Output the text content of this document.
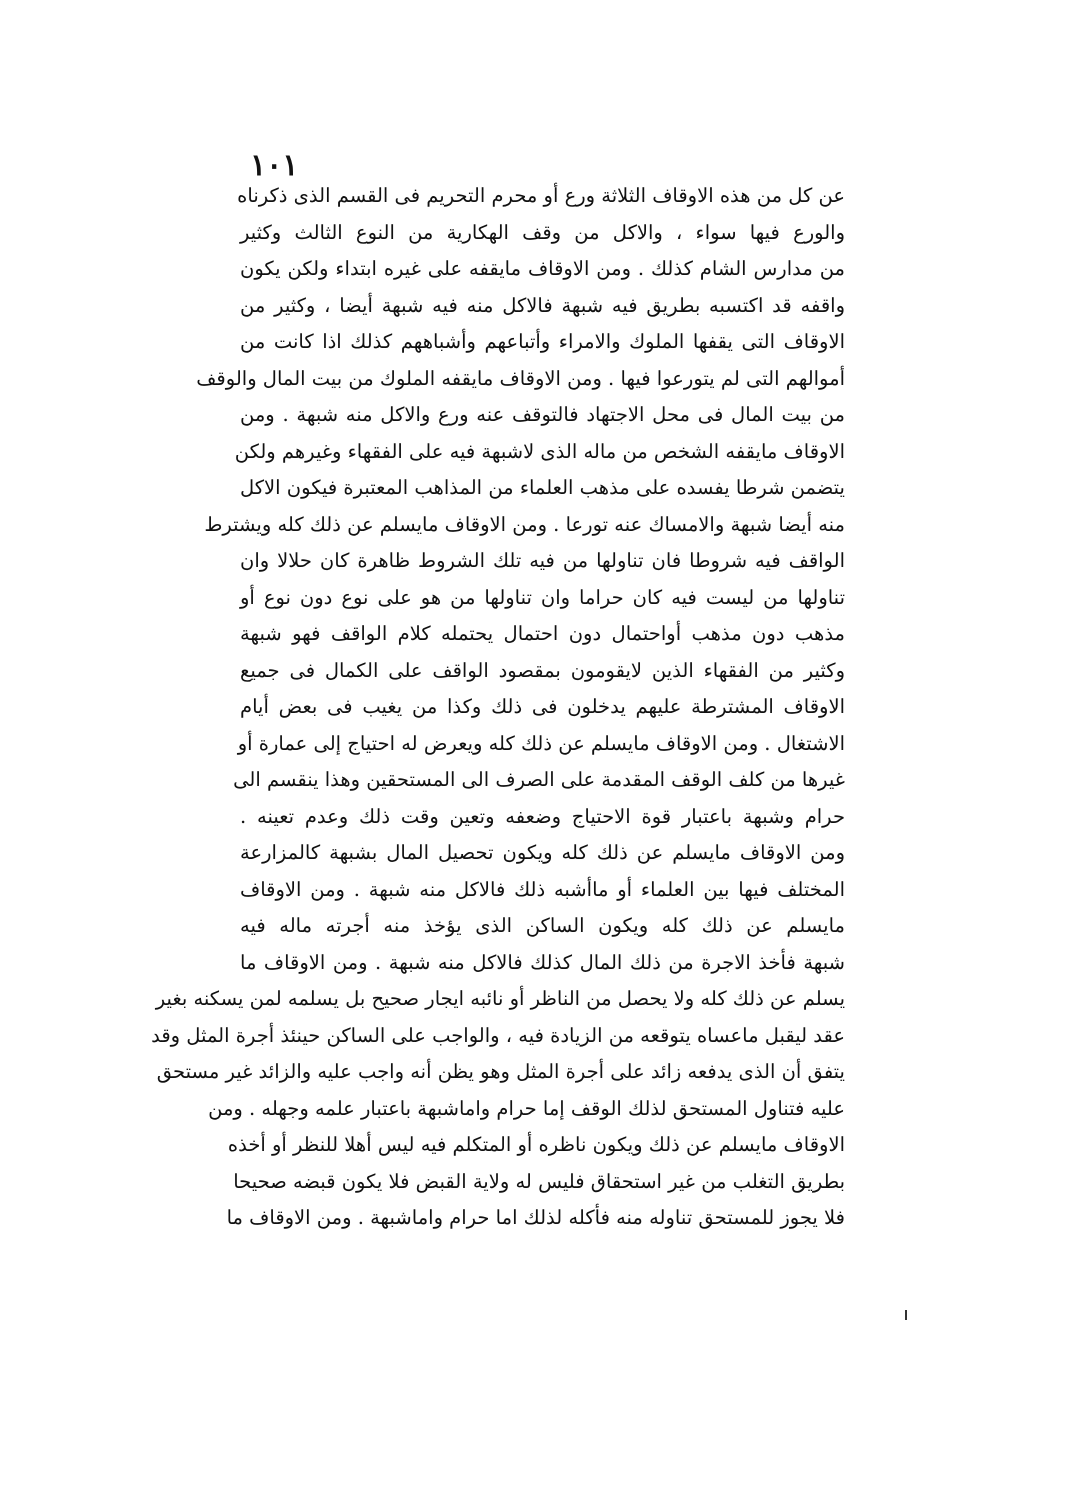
١٠١
عن كل من هذه الاوقاف الثلاثة ورع أو محرم التحريم فى القسم الذى ذكرناه
والورع فيها سواء ، والاكل من وقف الهكارية من النوع الثالث وكثير
من مدارس الشام كذلك . ومن الاوقاف مايقفه على غيره ابتداء ولكن يكون
واقفه قد اكتسبه بطريق فيه شبهة فالاكل منه فيه شبهة أيضا ، وكثير من
الاوقاف التى يقفها الملوك والامراء وأتباعهم وأشباههم كذلك اذا كانت من
أموالهم التى لم يتورعوا فيها . ومن الاوقاف مايقفه الملوك من بيت المال والوقف
من بيت المال فى محل الاجتهاد فالتوقف عنه ورع والاكل منه شبهة . ومن
الاوقاف مايقفه الشخص من ماله الذى لاشبهة فيه على الفقهاء وغيرهم ولكن
يتضمن شرطا يفسده على مذهب العلماء من المذاهب المعتبرة فيكون الاكل
منه أيضا شبهة والامساك عنه تورعا . ومن الاوقاف مايسلم عن ذلك كله ويشترط
الواقف فيه شروطا فان تناولها من فيه تلك الشروط ظاهرة كان حلالا وان
تناولها من ليست فيه كان حراما وان تناولها من هو على نوع دون نوع أو
مذهب دون مذهب أواحتمال دون احتمال يحتمله كلام الواقف فهو شبهة
وكثير من الفقهاء الذين لايقومون بمقصود الواقف على الكمال فى جميع
الاوقاف المشترطة عليهم يدخلون فى ذلك وكذا من يغيب فى بعض أيام
الاشتغال . ومن الاوقاف مايسلم عن ذلك كله ويعرض له احتياج إلى عمارة أو
غيرها من كلف الوقف المقدمة على الصرف الى المستحقين وهذا ينقسم الى
حرام وشبهة باعتبار قوة الاحتياج وضعفه وتعين وقت ذلك وعدم تعينه .
ومن الاوقاف مايسلم عن ذلك كله ويكون تحصيل المال بشبهة كالمزارعة
المختلف فيها بين العلماء أو ماأشبه ذلك فالاكل منه شبهة . ومن الاوقاف
مايسلم عن ذلك كله ويكون الساكن الذى يؤخذ منه أجرته ماله فيه
شبهة فأخذ الاجرة من ذلك المال كذلك فالاكل منه شبهة . ومن الاوقاف ما
يسلم عن ذلك كله ولا يحصل من الناظر أو نائبه ايجار صحيح بل يسلمه لمن يسكنه بغير
عقد ليقبل ماعساه يتوقعه من الزيادة فيه ، والواجب على الساكن حينئذ أجرة المثل وقد
يتفق أن الذى يدفعه زائد على أجرة المثل وهو يظن أنه واجب عليه والزائد غير مستحق
عليه فتناول المستحق لذلك الوقف إما حرام واماشبهة باعتبار علمه وجهله . ومن
الاوقاف مايسلم عن ذلك ويكون ناظره أو المتكلم فيه ليس أهلا للنظر أو أخذه
بطريق التغلب من غير استحقاق فليس له ولاية القبض فلا يكون قبضه صحيحا
فلا يجوز للمستحق تناوله منه فأكله لذلك اما حرام واماشبهة . ومن الاوقاف ما
